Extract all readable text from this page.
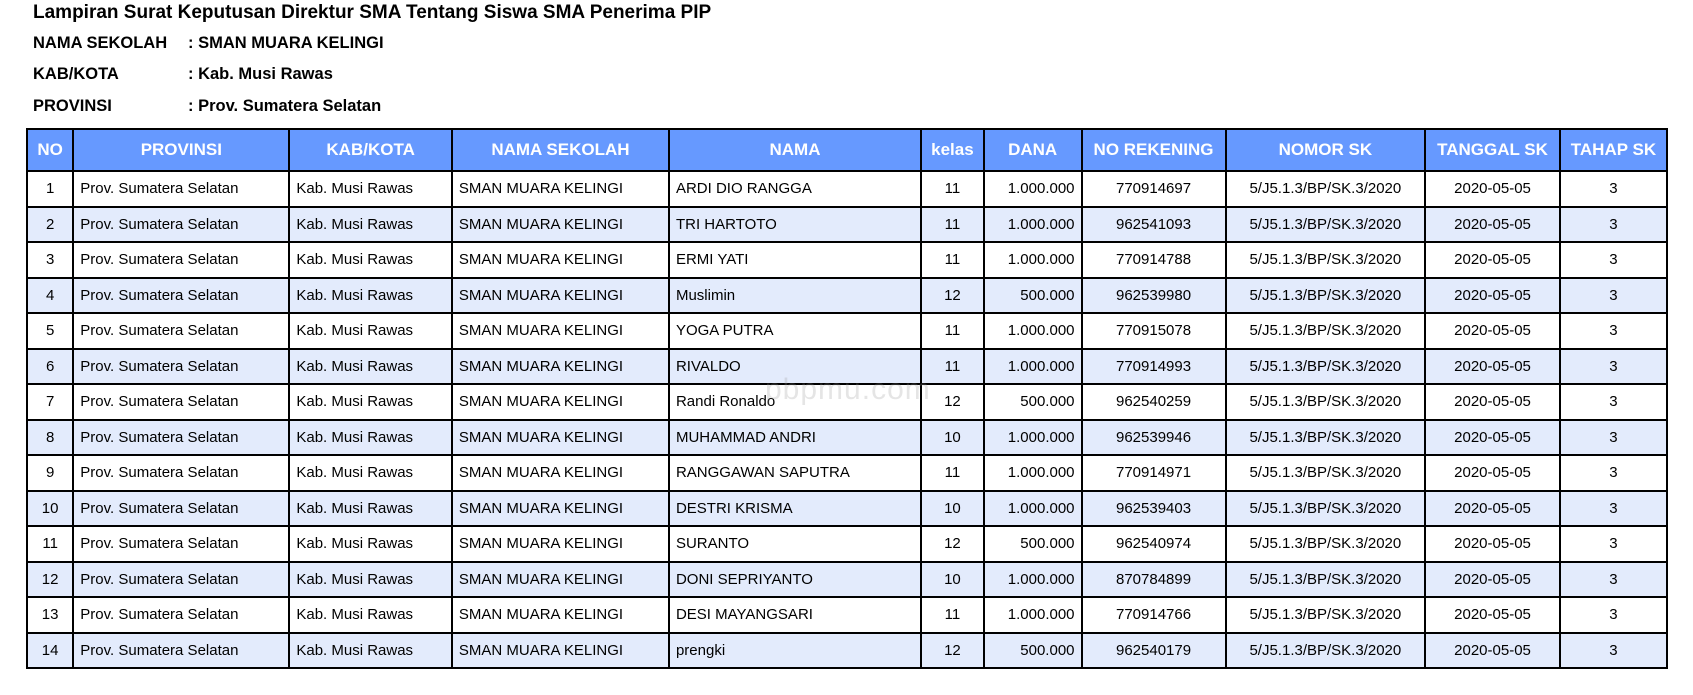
Lampiran Surat Keputusan Direktur SMA Tentang Siswa SMA Penerima PIP
NAMA SEKOLAH : SMAN MUARA KELINGI
KAB/KOTA	: Kab. Musi Rawas
PROVINSI	: Prov. Sumatera Selatan
NO	PROVINSI	KAB/KOTA	NAMA SEKOLAH	NAMA	kelas	DANA	NO REKENING	NOMOR SK	TANGGAL SK	TAHAP SK
1	Prov. Sumatera Selatan	Kab. Musi Rawas	SMAN MUARA KELINGI	ARDI DIO RANGGA	11	1.000.000	770914697	5/J5.1.3/BP/SK.3/2020	2020-05-05	3
2	Prov. Sumatera Selatan	Kab. Musi Rawas	SMAN MUARA KELINGI	TRI HARTOTO	11	1.000.000	962541093	5/J5.1.3/BP/SK.3/2020	2020-05-05	3
3	Prov. Sumatera Selatan	Kab. Musi Rawas	SMAN MUARA KELINGI	ERMI YATI	11	1.000.000	770914788	5/J5.1.3/BP/SK.3/2020	2020-05-05	3
4	Prov. Sumatera Selatan	Kab. Musi Rawas	SMAN MUARA KELINGI	Muslimin	12	500.000	962539980	5/J5.1.3/BP/SK.3/2020	2020-05-05	3
5	Prov. Sumatera Selatan	Kab. Musi Rawas	SMAN MUARA KELINGI	YOGA PUTRA	11	1.000.000	770915078	5/J5.1.3/BP/SK.3/2020	2020-05-05	3
6	Prov. Sumatera Selatan	Kab. Musi Rawas	SMAN MUARA KELINGI	RIVALDO	11	1.000.000	770914993	5/J5.1.3/BP/SK.3/2020	2020-05-05	3
7	Prov. Sumatera Selatan	Kab. Musi Rawas	SMAN MUARA KELINGI	Randi Ronaldo	12	500.000	962540259	5/J5.1.3/BP/SK.3/2020	2020-05-05	3
8	Prov. Sumatera Selatan	Kab. Musi Rawas	SMAN MUARA KELINGI	MUHAMMAD ANDRI	10	1.000.000	962539946	5/J5.1.3/BP/SK.3/2020	2020-05-05	3
9	Prov. Sumatera Selatan	Kab. Musi Rawas	SMAN MUARA KELINGI	RANGGAWAN SAPUTRA	11	1.000.000	770914971	5/J5.1.3/BP/SK.3/2020	2020-05-05	3
10	Prov. Sumatera Selatan	Kab. Musi Rawas	SMAN MUARA KELINGI	DESTRI KRISMA	10	1.000.000	962539403	5/J5.1.3/BP/SK.3/2020	2020-05-05	3
11	Prov. Sumatera Selatan	Kab. Musi Rawas	SMAN MUARA KELINGI	SURANTO	12	500.000	962540974	5/J5.1.3/BP/SK.3/2020	2020-05-05	3
12	Prov. Sumatera Selatan	Kab. Musi Rawas	SMAN MUARA KELINGI	DONI SEPRIYANTO	10	1.000.000	870784899	5/J5.1.3/BP/SK.3/2020	2020-05-05	3
13	Prov. Sumatera Selatan	Kab. Musi Rawas	SMAN MUARA KELINGI	DESI MAYANGSARI	11	1.000.000	770914766	5/J5.1.3/BP/SK.3/2020	2020-05-05	3
14	Prov. Sumatera Selatan	Kab. Musi Rawas	SMAN MUARA KELINGI	prengki	12	500.000	962540179	5/J5.1.3/BP/SK.3/2020	2020-05-05	3
pbpmu.com
